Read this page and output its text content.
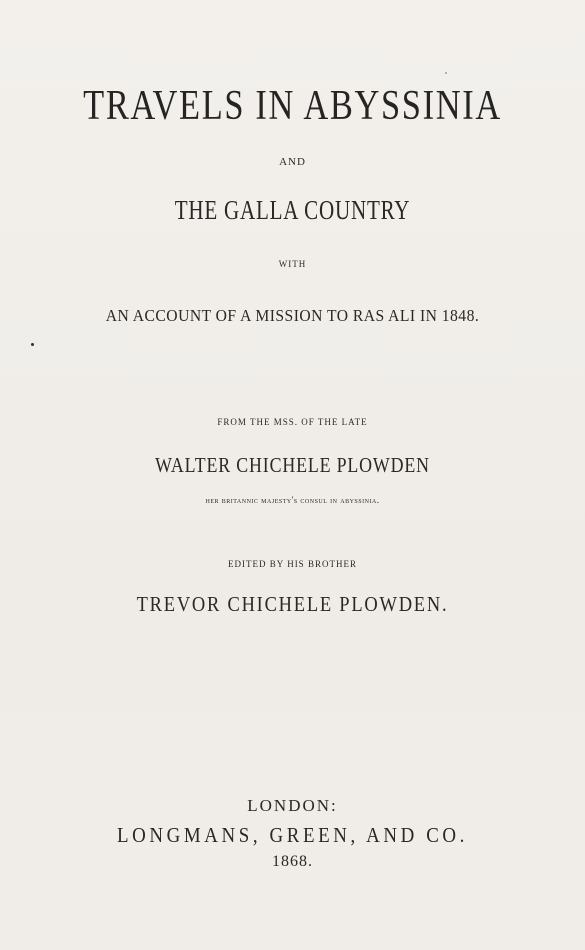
TRAVELS IN ABYSSINIA
AND
THE GALLA COUNTRY
WITH
AN ACCOUNT OF A MISSION TO RAS ALI IN 1848.
FROM THE MSS. OF THE LATE
WALTER CHICHELE PLOWDEN
her britannic majesty's consul in abyssinia.
EDITED BY HIS BROTHER
TREVOR CHICHELE PLOWDEN.
LONDON:
LONGMANS, GREEN, AND CO.
1868.
